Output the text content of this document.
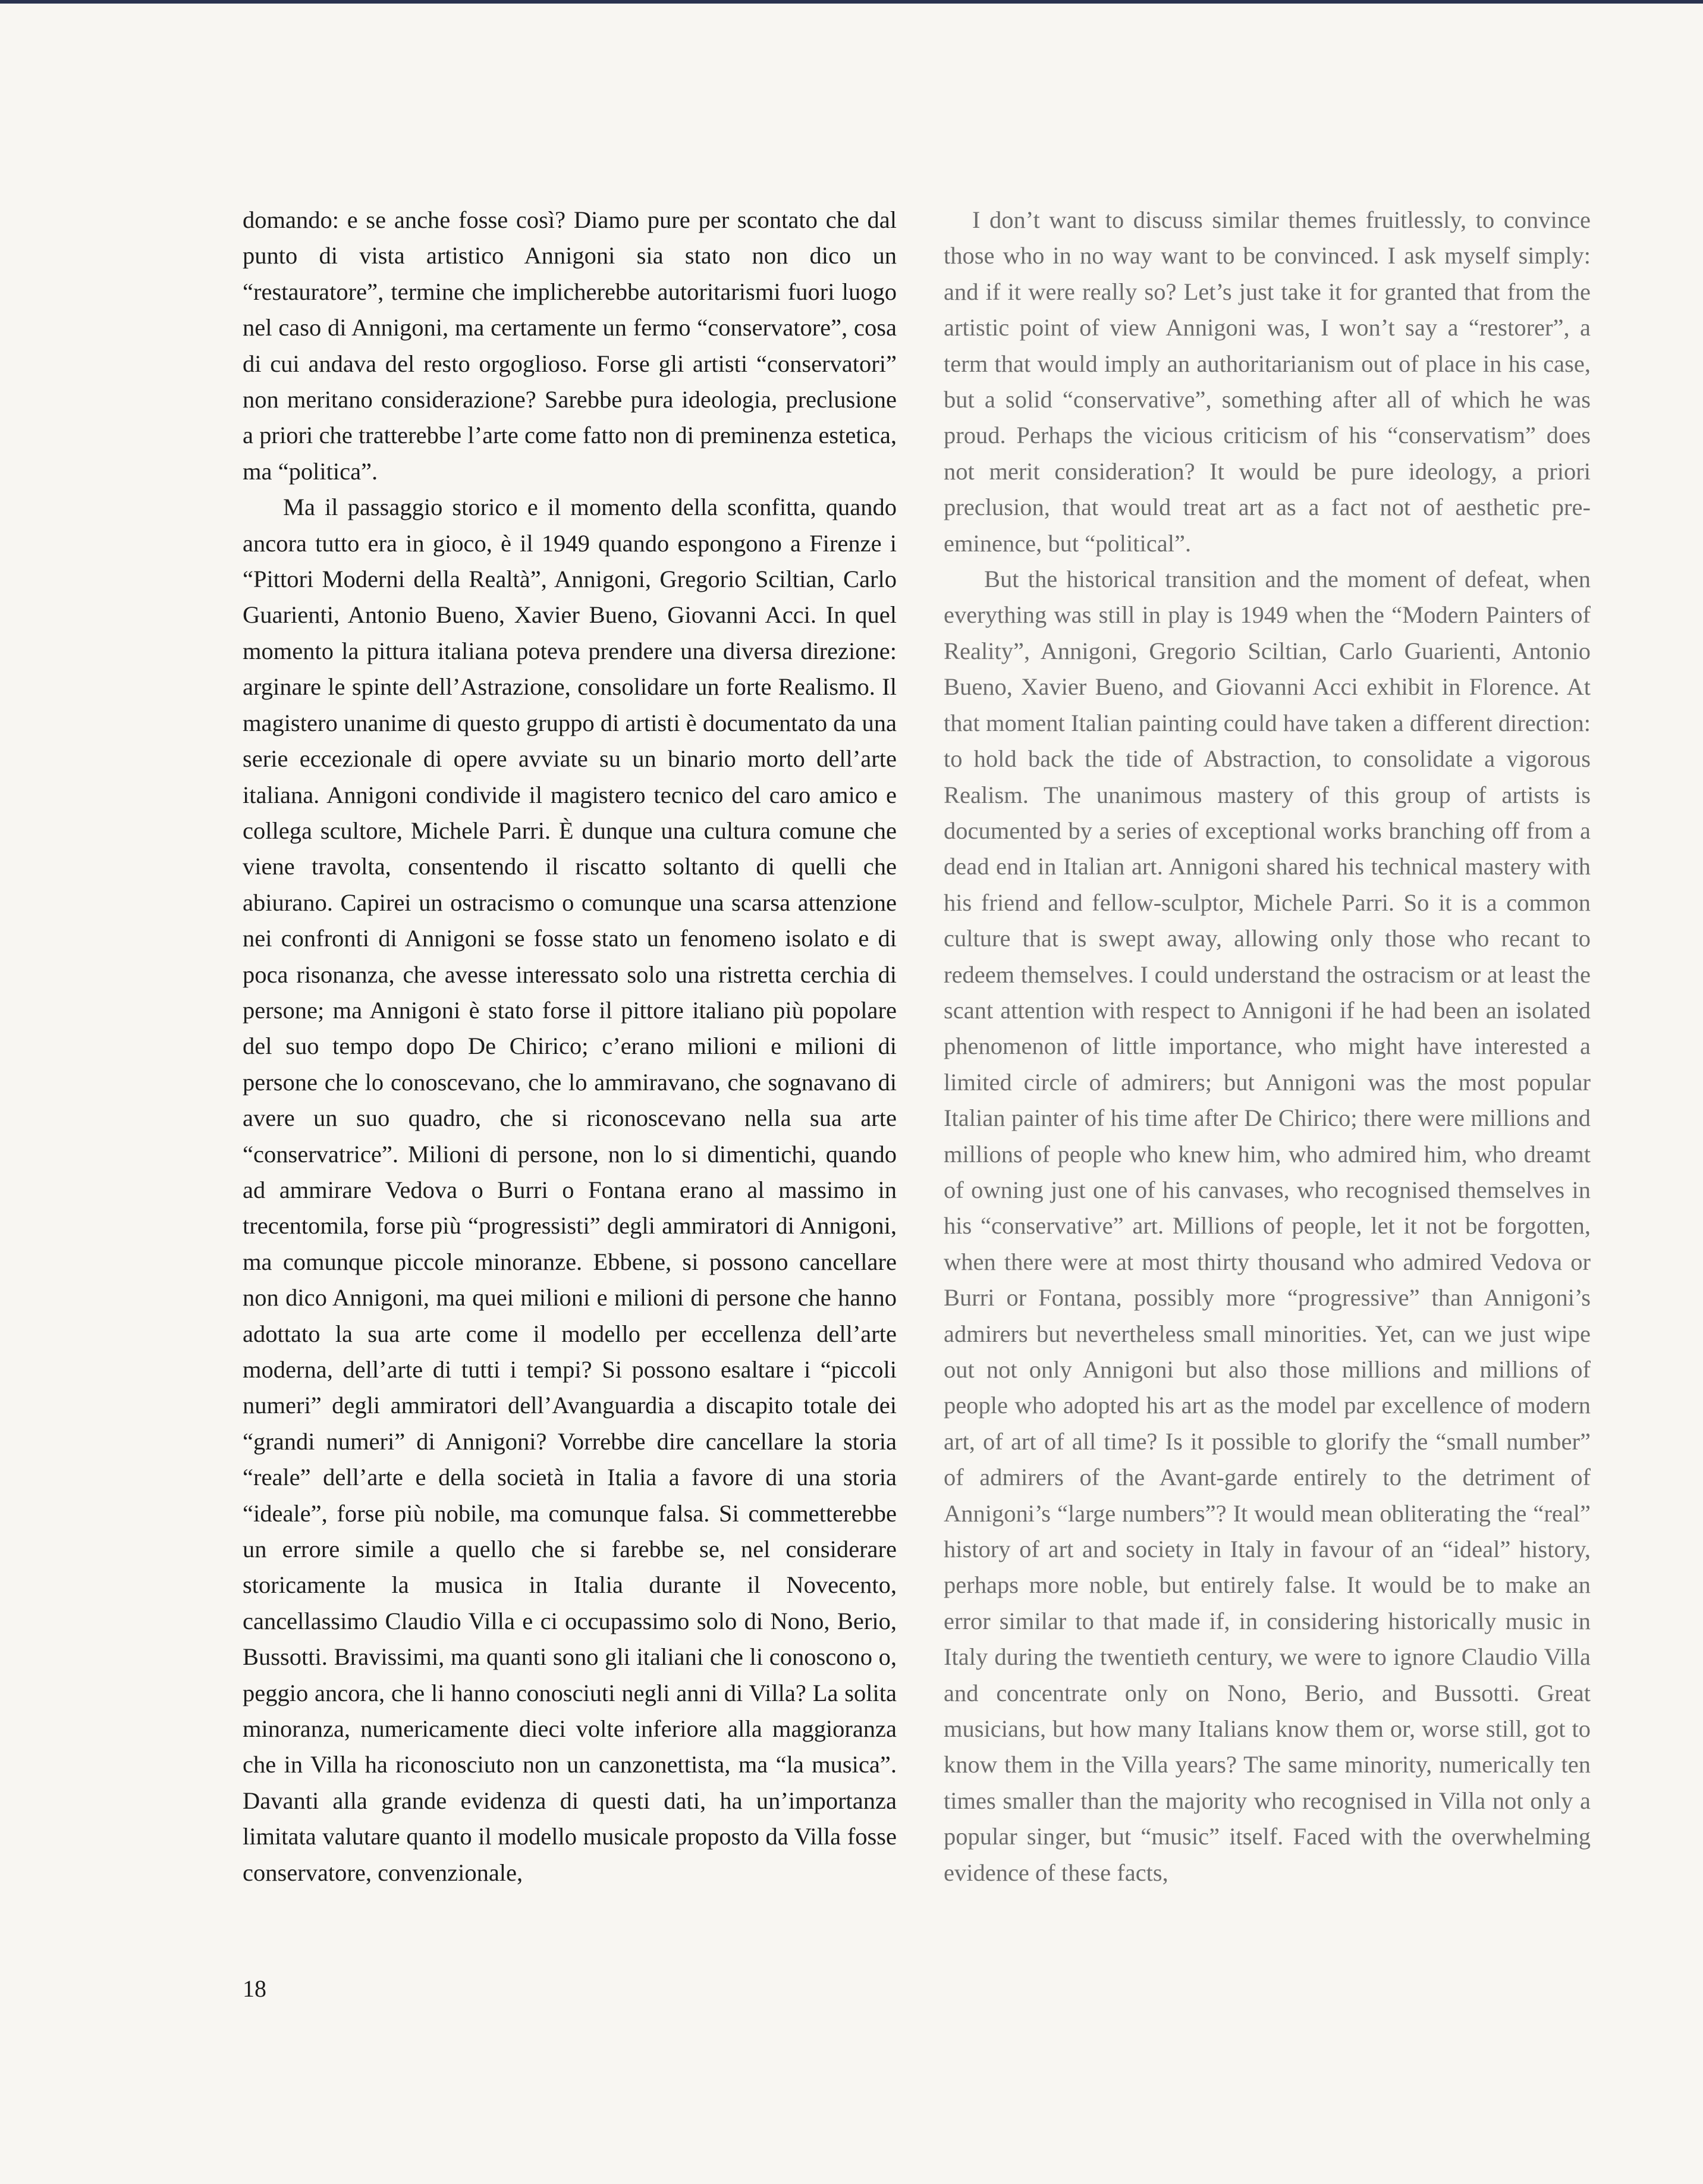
domando: e se anche fosse così? Diamo pure per scontato che dal punto di vista artistico Annigoni sia stato non dico un “restauratore”, termine che implicherebbe autoritarismi fuori luogo nel caso di Annigoni, ma certamente un fermo “conservatore”, cosa di cui andava del resto orgoglioso. Forse gli artisti “conservatori” non meritano considerazione? Sarebbe pura ideologia, preclusione a priori che tratterebbe l’arte come fatto non di preminenza estetica, ma “politica”.

Ma il passaggio storico e il momento della sconfitta, quando ancora tutto era in gioco, è il 1949 quando espongono a Firenze i “Pittori Moderni della Realtà”, Annigoni, Gregorio Sciltian, Carlo Guarienti, Antonio Bueno, Xavier Bueno, Giovanni Acci. In quel momento la pittura italiana poteva prendere una diversa direzione: arginare le spinte dell’Astrazione, consolidare un forte Realismo. Il magistero unanime di questo gruppo di artisti è documentato da una serie eccezionale di opere avviate su un binario morto dell’arte italiana. Annigoni condivide il magistero tecnico del caro amico e collega scultore, Michele Parri. È dunque una cultura comune che viene travolta, consentendo il riscatto soltanto di quelli che abiurano. Capirei un ostracismo o comunque una scarsa attenzione nei confronti di Annigoni se fosse stato un fenomeno isolato e di poca risonanza, che avesse interessato solo una ristretta cerchia di persone; ma Annigoni è stato forse il pittore italiano più popolare del suo tempo dopo De Chirico; c’erano milioni e milioni di persone che lo conoscevano, che lo ammiravano, che sognavano di avere un suo quadro, che si riconoscevano nella sua arte “conservatrice”. Milioni di persone, non lo si dimentichi, quando ad ammirare Vedova o Burri o Fontana erano al massimo in trecentomila, forse più “progressisti” degli ammiratori di Annigoni, ma comunque piccole minoranze. Ebbene, si possono cancellare non dico Annigoni, ma quei milioni e milioni di persone che hanno adottato la sua arte come il modello per eccellenza dell’arte moderna, dell’arte di tutti i tempi? Si possono esaltare i “piccoli numeri” degli ammiratori dell’Avanguardia a discapito totale dei “grandi numeri” di Annigoni? Vorrebbe dire cancellare la storia “reale” dell’arte e della società in Italia a favore di una storia “ideale”, forse più nobile, ma comunque falsa. Si commetterebbe un errore simile a quello che si farebbe se, nel considerare storicamente la musica in Italia durante il Novecento, cancellassimo Claudio Villa e ci occupassimo solo di Nono, Berio, Bussotti. Bravissimi, ma quanti sono gli italiani che li conoscono o, peggio ancora, che li hanno conosciuti negli anni di Villa? La solita minoranza, numericamente dieci volte inferiore alla maggioranza che in Villa ha riconosciuto non un canzonettista, ma “la musica”. Davanti alla grande evidenza di questi dati, ha un’importanza limitata valutare quanto il modello musicale proposto da Villa fosse conservatore, convenzionale,

I don’t want to discuss similar themes fruitlessly, to convince those who in no way want to be convinced. I ask myself simply: and if it were really so? Let’s just take it for granted that from the artistic point of view Annigoni was, I won’t say a “restorer”, a term that would imply an authoritarianism out of place in his case, but a solid “conservative”, something after all of which he was proud. Perhaps the vicious criticism of his “conservatism” does not merit consideration? It would be pure ideology, a priori preclusion, that would treat art as a fact not of aesthetic pre-eminence, but “political”.

But the historical transition and the moment of defeat, when everything was still in play is 1949 when the “Modern Painters of Reality”, Annigoni, Gregorio Sciltian, Carlo Guarienti, Antonio Bueno, Xavier Bueno, and Giovanni Acci exhibit in Florence. At that moment Italian painting could have taken a different direction: to hold back the tide of Abstraction, to consolidate a vigorous Realism. The unanimous mastery of this group of artists is documented by a series of exceptional works branching off from a dead end in Italian art. Annigoni shared his technical mastery with his friend and fellow-sculptor, Michele Parri. So it is a common culture that is swept away, allowing only those who recant to redeem themselves. I could understand the ostracism or at least the scant attention with respect to Annigoni if he had been an isolated phenomenon of little importance, who might have interested a limited circle of admirers; but Annigoni was the most popular Italian painter of his time after De Chirico; there were millions and millions of people who knew him, who admired him, who dreamt of owning just one of his canvases, who recognised themselves in his “conservative” art. Millions of people, let it not be forgotten, when there were at most thirty thousand who admired Vedova or Burri or Fontana, possibly more “progressive” than Annigoni’s admirers but nevertheless small minorities. Yet, can we just wipe out not only Annigoni but also those millions and millions of people who adopted his art as the model par excellence of modern art, of art of all time? Is it possible to glorify the “small number” of admirers of the Avant-garde entirely to the detriment of Annigoni’s “large numbers”? It would mean obliterating the “real” history of art and society in Italy in favour of an “ideal” history, perhaps more noble, but entirely false. It would be to make an error similar to that made if, in considering historically music in Italy during the twentieth century, we were to ignore Claudio Villa and concentrate only on Nono, Berio, and Bussotti. Great musicians, but how many Italians know them or, worse still, got to know them in the Villa years? The same minority, numerically ten times smaller than the majority who recognised in Villa not only a popular singer, but “music” itself. Faced with the overwhelming evidence of these facts,

18
